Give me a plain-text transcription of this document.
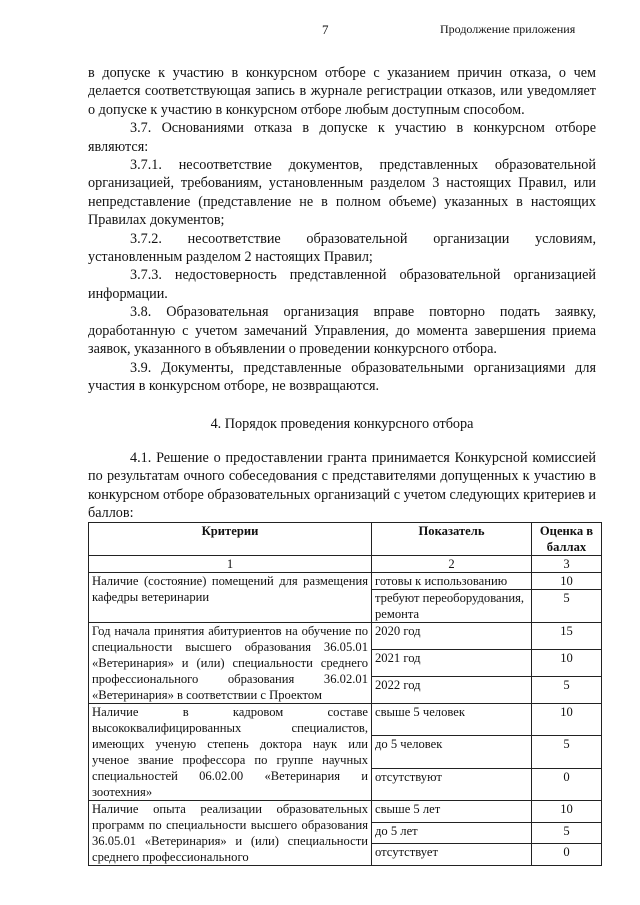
7	Продолжение приложения

в допуске к участию в конкурсном отборе с указанием причин отказа, о чем делается соответствующая запись в журнале регистрации отказов, или уведомляет о допуске к участию в конкурсном отборе любым доступным способом.

3.7. Основаниями отказа в допуске к участию в конкурсном отборе являются:

3.7.1. несоответствие документов, представленных образовательной организацией, требованиям, установленным разделом 3 настоящих Правил, или непредставление (представление не в полном объеме) указанных в настоящих Правилах документов;

3.7.2. несоответствие образовательной организации условиям, установленным разделом 2 настоящих Правил;

3.7.3. недостоверность представленной образовательной организацией информации.

3.8. Образовательная организация вправе повторно подать заявку, доработанную с учетом замечаний Управления, до момента завершения приема заявок, указанного в объявлении о проведении конкурсного отбора.

3.9. Документы, представленные образовательными организациями для участия в конкурсном отборе, не возвращаются.

4. Порядок проведения конкурсного отбора

4.1. Решение о предоставлении гранта принимается Конкурсной комиссией по результатам очного собеседования с представителями допущенных к участию в конкурсном отборе образовательных организаций с учетом следующих критериев и баллов:

Критерии	Показатель	Оценка в баллах
1	2	3
Наличие (состояние) помещений для размещения кафедры ветеринарии	готовы к использованию	10
	требуют переоборудования, ремонта	5
Год начала принятия абитуриентов на обучение по специальности высшего образования 36.05.01 «Ветеринария» и (или) специальности среднего профессионального образования 36.02.01 «Ветеринария» в соответствии с Проектом	2020 год	15
	2021 год	10
	2022 год	5
Наличие в кадровом составе высококвалифицированных специалистов, имеющих ученую степень доктора наук или ученое звание профессора по группе научных специальностей 06.02.00 «Ветеринария и зоотехния»	свыше 5 человек	10
	до 5 человек	5
	отсутствуют	0
Наличие опыта реализации образовательных программ по специальности высшего образования 36.05.01 «Ветеринария» и (или) специальности среднего профессионального	свыше 5 лет	10
	до 5 лет	5
	отсутствует	0
